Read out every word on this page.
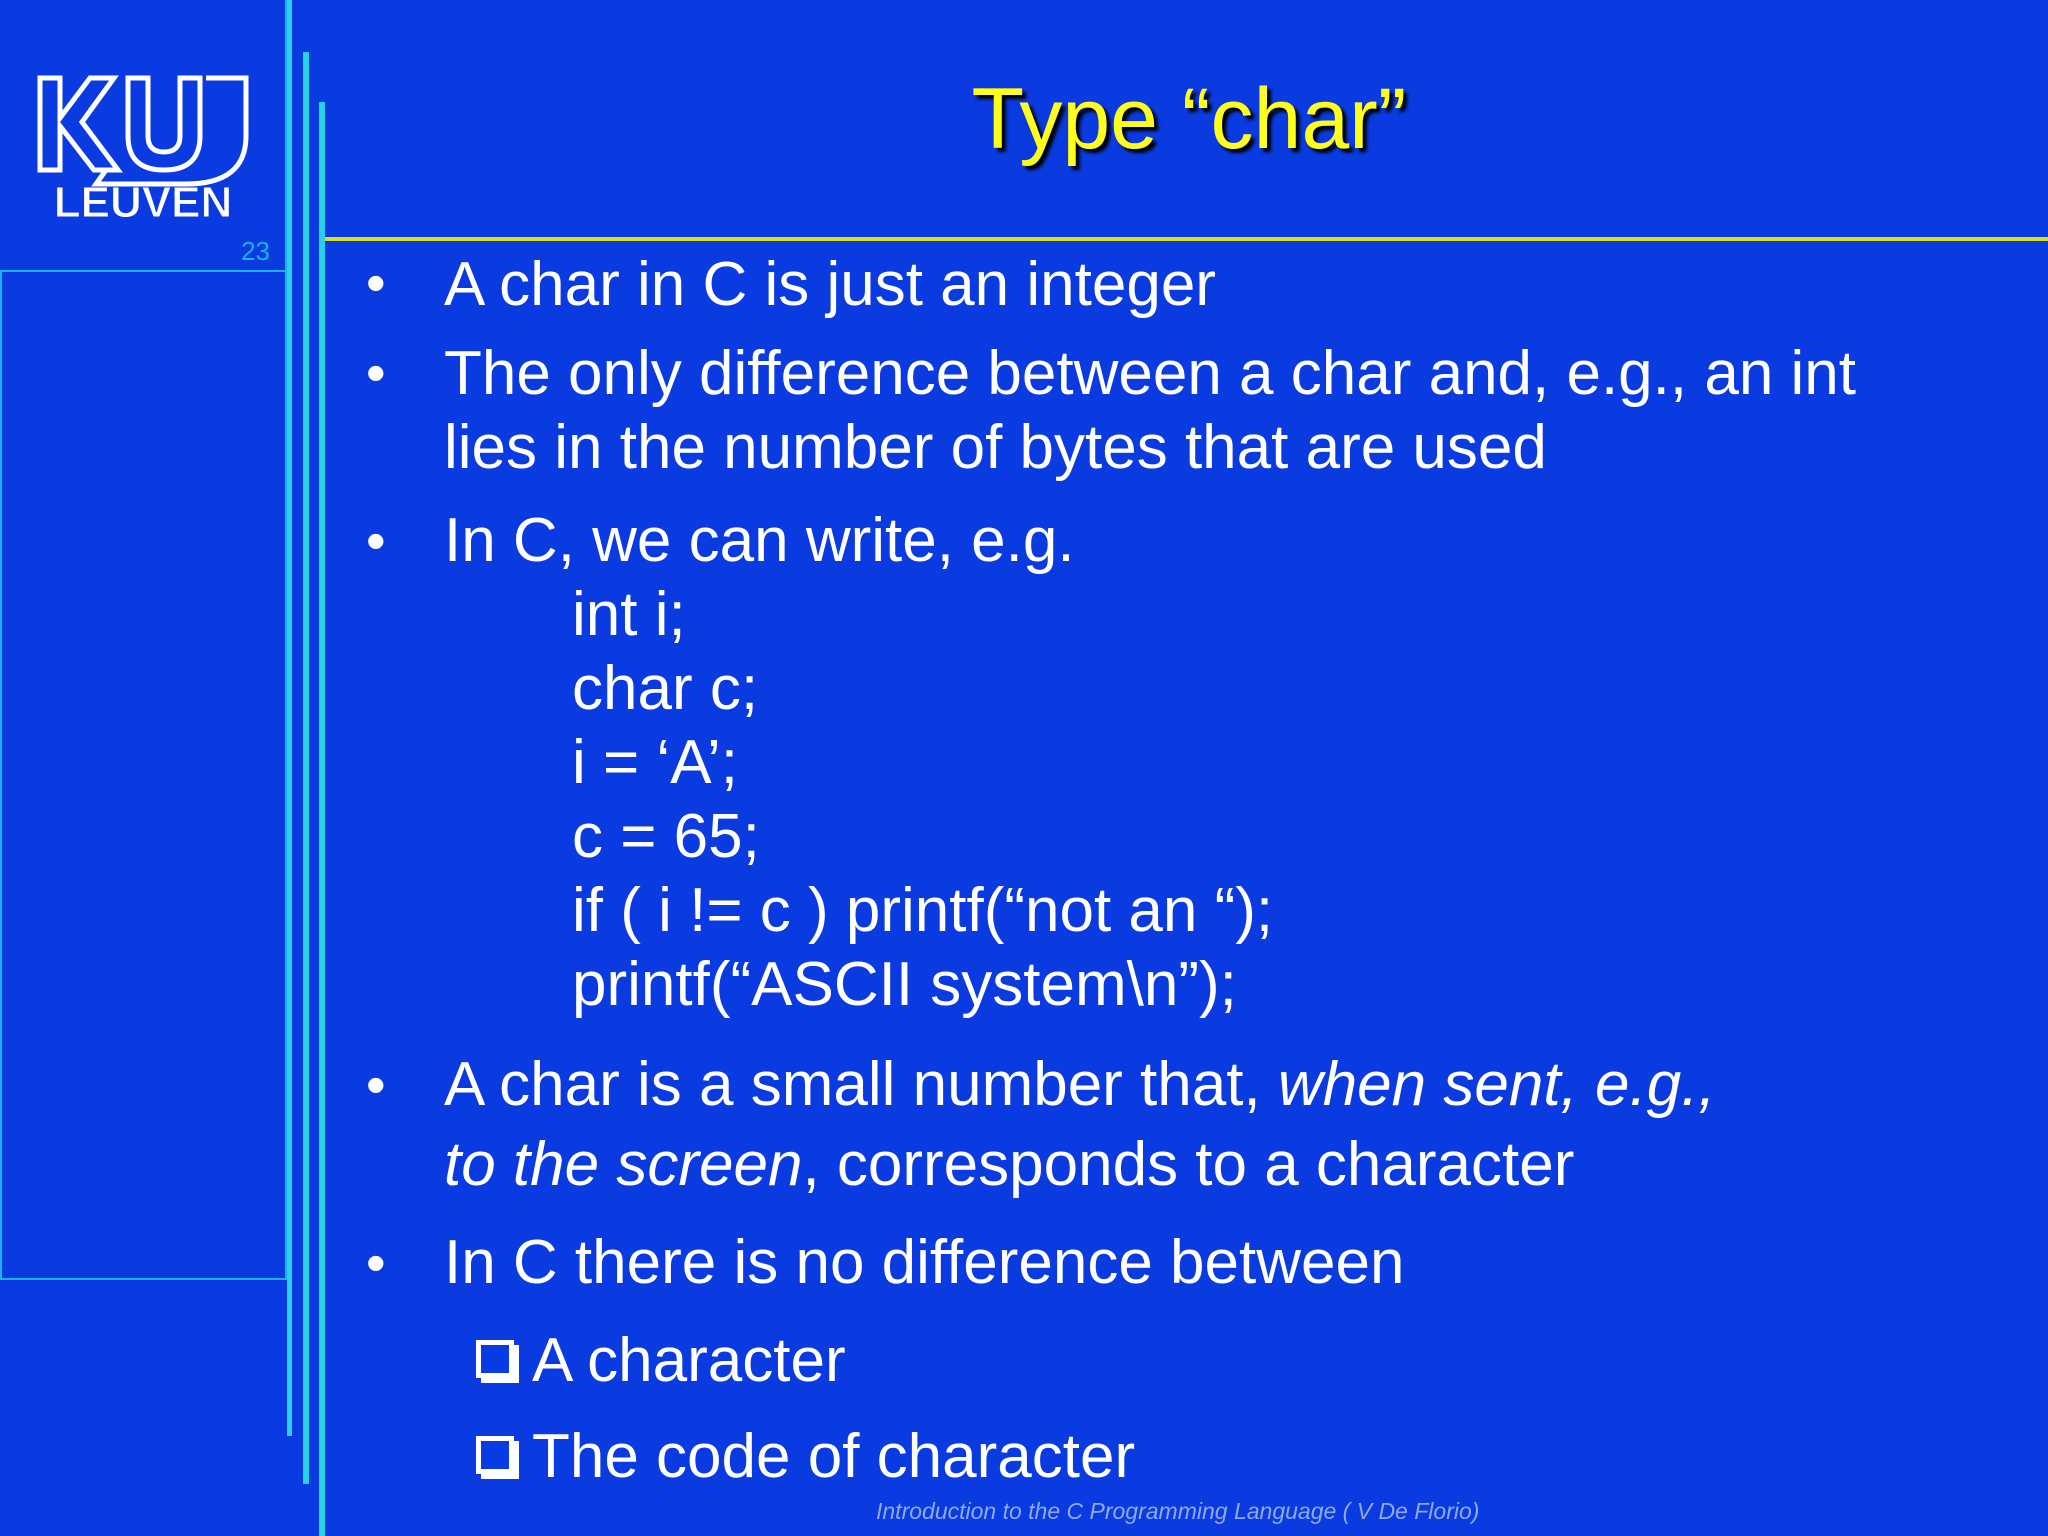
LEUVEN
23
Type “char”
• A char in C is just an integer
• The only difference between a char and, e.g., an int
lies in the number of bytes that are used
• In C, we can write, e.g.
int i;
char c;
i = ‘A’;
c = 65;
if ( i != c ) printf(“not an “);
printf(“ASCII system\n”);
• A char is a small number that, when sent, e.g.,
to the screen, corresponds to a character
• In C there is no difference between
A character
The code of character
Introduction to the C Programming Language ( V De Florio)
